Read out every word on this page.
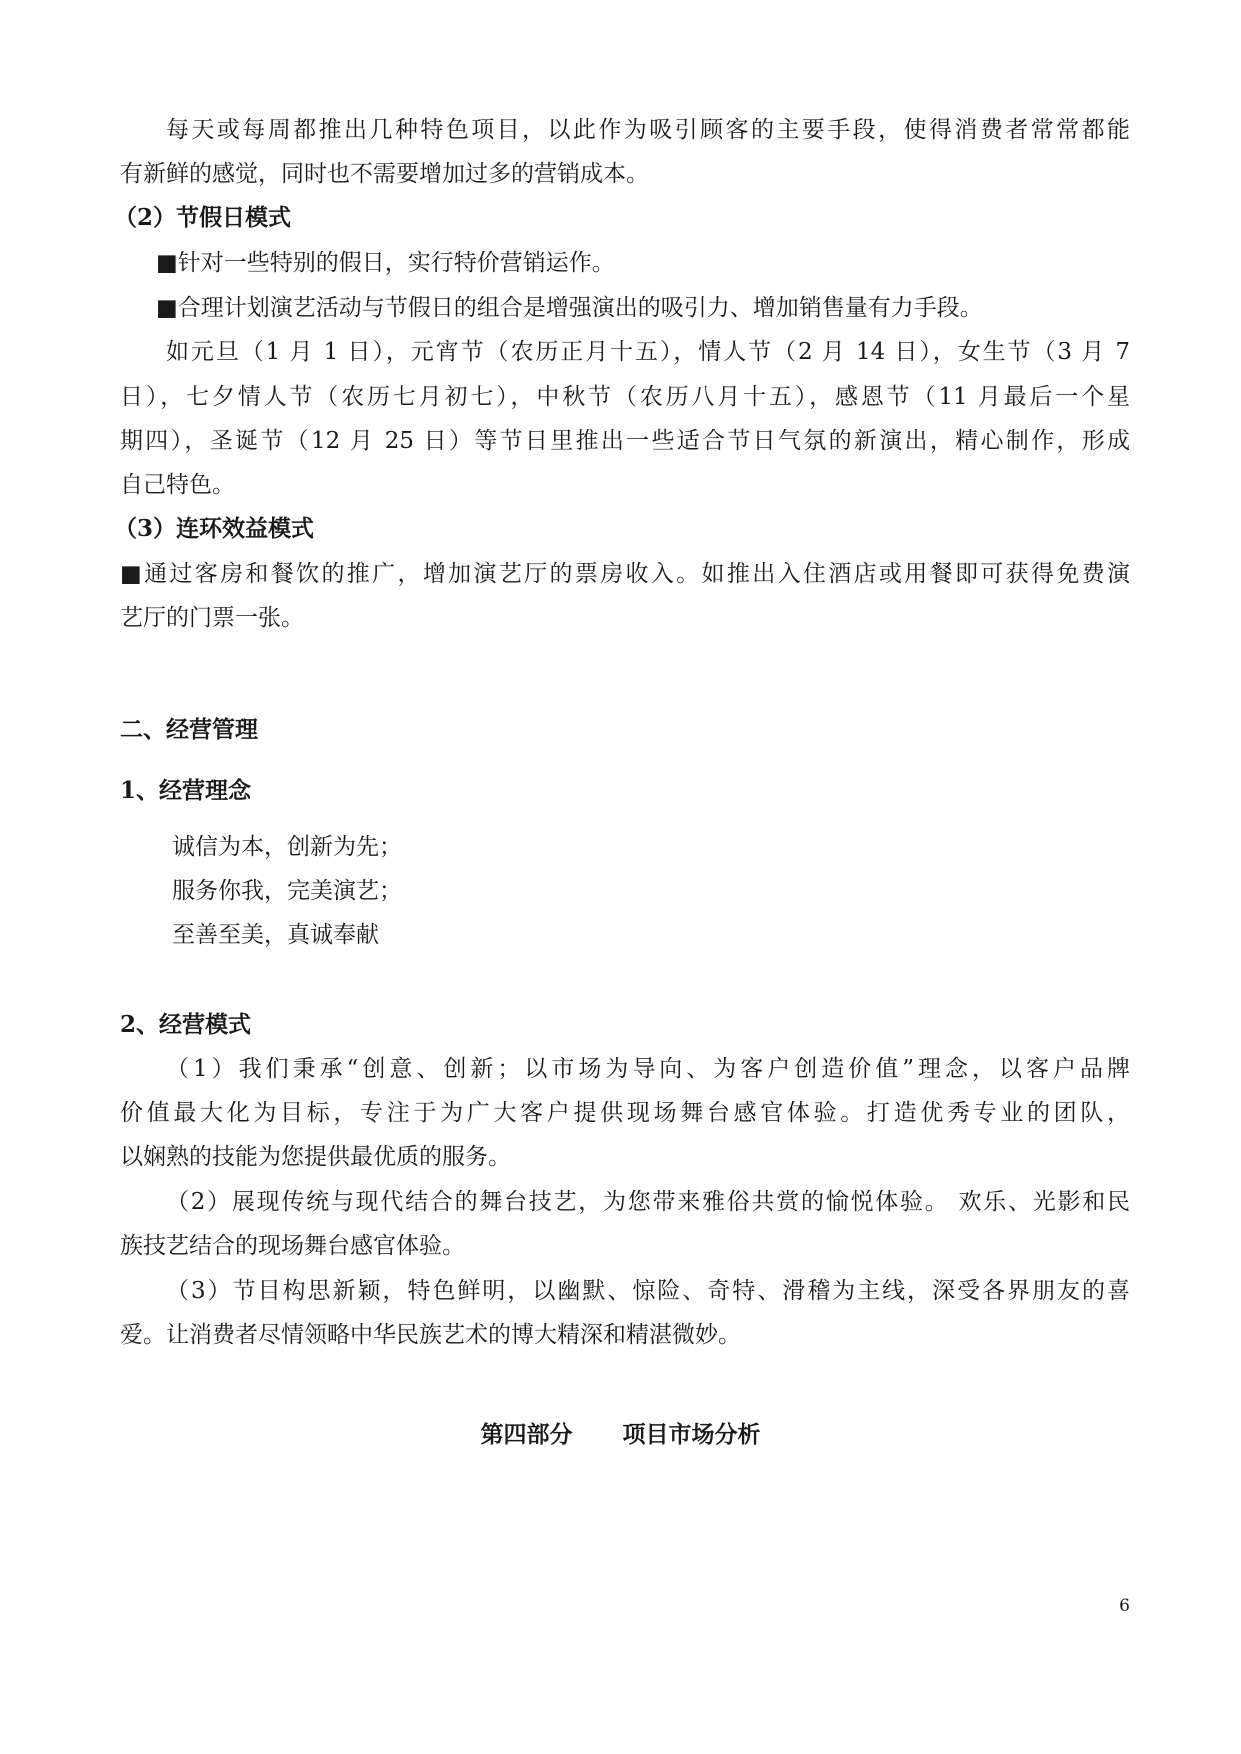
每天或每周都推出几种特色项目，以此作为吸引顾客的主要手段，使得消费者常常都能
有新鲜的感觉，同时也不需要增加过多的营销成本。
（2）节假日模式
■针对一些特别的假日，实行特价营销运作。
■合理计划演艺活动与节假日的组合是增强演出的吸引力、增加销售量有力手段。
如元旦（1 月 1 日），元宵节（农历正月十五），情人节（2 月 14 日），女生节（3 月 7
日），七夕情人节（农历七月初七），中秋节（农历八月十五），感恩节（11 月最后一个星
期四），圣诞节（12 月 25 日）等节日里推出一些适合节日气氛的新演出，精心制作，形成
自己特色。
（3）连环效益模式
■通过客房和餐饮的推广，增加演艺厅的票房收入。如推出入住酒店或用餐即可获得免费演
艺厅的门票一张。
二、经营管理
1、经营理念
诚信为本，创新为先；
服务你我，完美演艺；
至善至美，真诚奉献
2、经营模式
（1）我们秉承“创意、创新；以市场为导向、为客户创造价值”理念，以客户品牌
价值最大化为目标，专注于为广大客户提供现场舞台感官体验。打造优秀专业的团队，
以娴熟的技能为您提供最优质的服务。
（2）展现传统与现代结合的舞台技艺，为您带来雅俗共赏的愉悦体验。 欢乐、光影和民
族技艺结合的现场舞台感官体验。
（3）节目构思新颖，特色鲜明，以幽默、惊险、奇特、滑稽为主线，深受各界朋友的喜
爱。让消费者尽情领略中华民族艺术的博大精深和精湛微妙。
第四部分 项目市场分析
6
